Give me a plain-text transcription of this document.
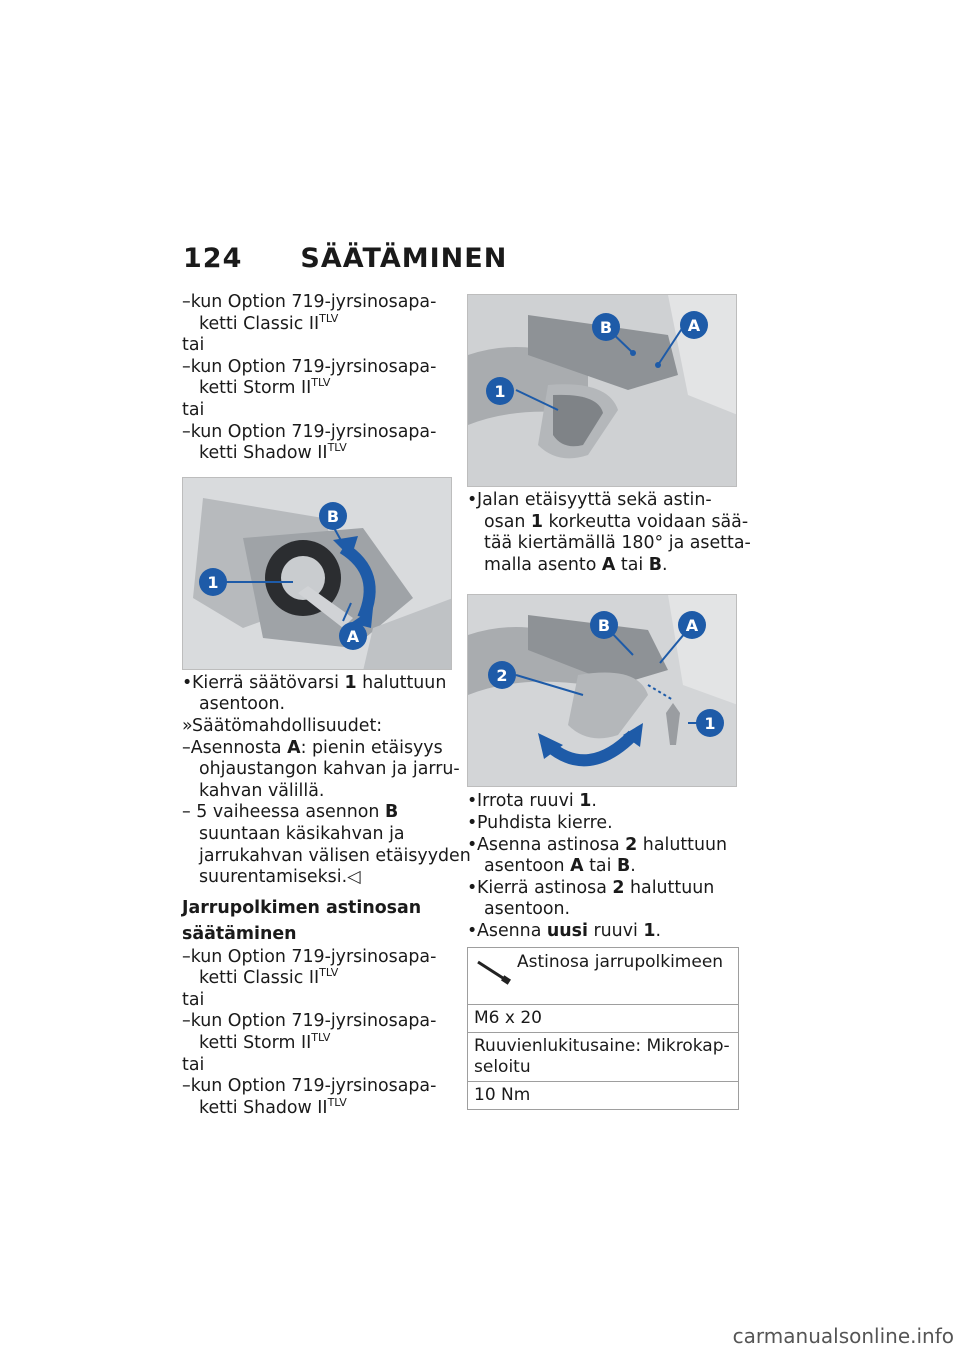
124 SÄÄTÄMINEN
–kun Option 719-jyrsinosapa-
ketti Classic $II^{TLV}$
tai
–kun Option 719-jyrsinosapa-
ketti Storm $II^{TLV}$
tai
–kun Option 719-jyrsinosapa-
ketti Shadow $II^{TLV}$
1
B
A
• Kierrä säätövarsi 1 haluttuun
asentoon.
» Säätömahdollisuudet:
–Asennosta A: pienin etäisyys
ohjaustangon kahvan ja jarru-
kahvan välillä.
– 5 vaiheessa asennon B
suuntaan käsikahvan ja
jarrukahvan välisen etäisyyden
suurentamiseksi.◁
Jarrupolkimen astinosan
säätäminen
–kun Option 719-jyrsinosapa-
ketti Classic $II^{TLV}$
tai
–kun Option 719-jyrsinosapa-
ketti Storm $II^{TLV}$
tai
–kun Option 719-jyrsinosapa-
ketti Shadow $II^{TLV}$
B	A
1
• Jalan etäisyyttä sekä astin-
osan 1 korkeutta voidaan sää-
tää kiertämällä 180° ja asetta-
malla asento A tai B.
B	A
2
1
• Irrota ruuvi 1.
• Puhdista kierre.
• Asenna astinosa 2 haluttuun
asentoon A tai B.
• Kierrä astinosa 2 haluttuun
asentoon.
• Asenna uusi ruuvi 1.
Astinosa jarrupolkimeen
M6 x 20
Ruuvienlukitusaine: Mikrokap-
seloitu
10 Nm
carmanualsonline.info
